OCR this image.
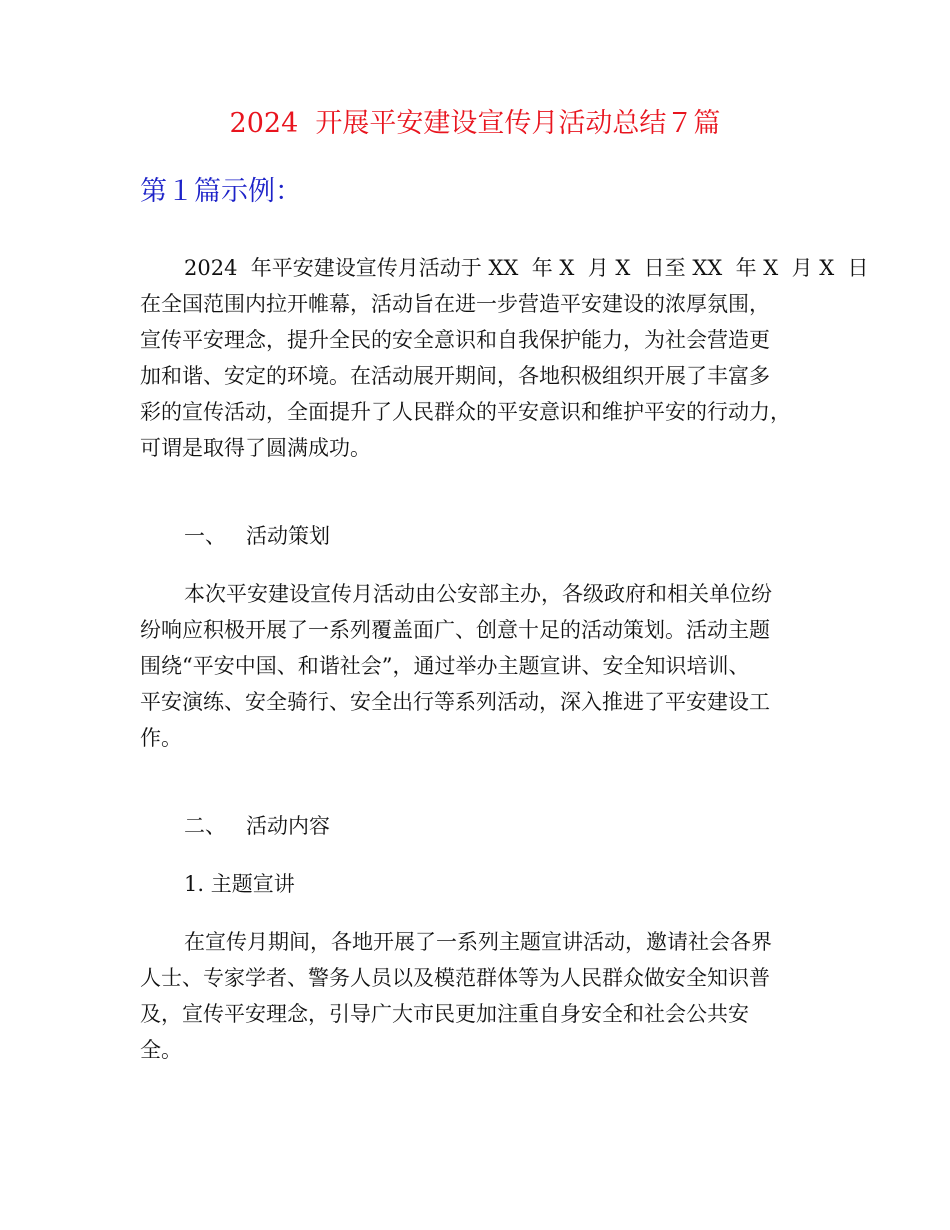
2024  开展平安建设宣传月活动总结７篇
第１篇示例：
2024  年平安建设宣传月活动于 XX  年 X  月 X  日至 XX  年 X  月 X  日
在全国范围内拉开帷幕，活动旨在进一步营造平安建设的浓厚氛围，
宣传平安理念，提升全民的安全意识和自我保护能力，为社会营造更
加和谐、安定的环境。在活动展开期间，各地积极组织开展了丰富多
彩的宣传活动，全面提升了人民群众的平安意识和维护平安的行动力，
可谓是取得了圆满成功。
一、   活动策划
本次平安建设宣传月活动由公安部主办，各级政府和相关单位纷
纷响应积极开展了一系列覆盖面广、创意十足的活动策划。活动主题
围绕“平安中国、和谐社会”，通过举办主题宣讲、安全知识培训、
平安演练、安全骑行、安全出行等系列活动，深入推进了平安建设工
作。
二、   活动内容
1. 主题宣讲
在宣传月期间，各地开展了一系列主题宣讲活动，邀请社会各界
人士、专家学者、警务人员以及模范群体等为人民群众做安全知识普
及，宣传平安理念，引导广大市民更加注重自身安全和社会公共安
全。
